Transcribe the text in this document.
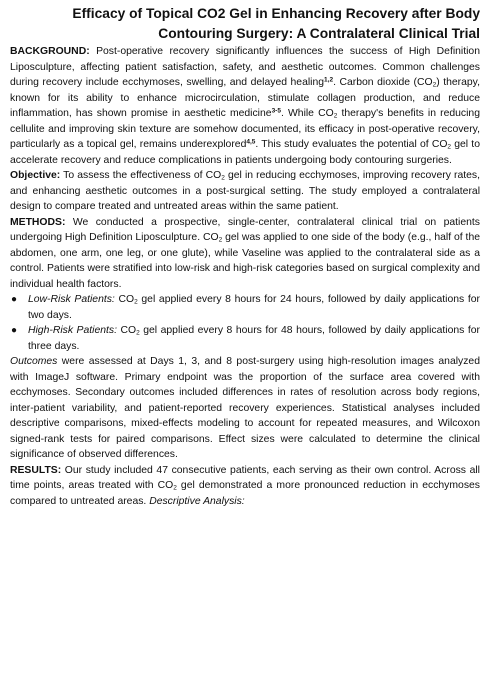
Efficacy of Topical CO2 Gel in Enhancing Recovery after Body
Contouring Surgery: A Contralateral Clinical Trial

BACKGROUND: Post-operative recovery significantly influences the success of High Definition Liposculpture, affecting patient satisfaction, safety, and aesthetic outcomes. Common challenges during recovery include ecchymoses, swelling, and delayed healing$^{1,2}$. Carbon dioxide $(CO_2)$ therapy, known for its ability to enhance microcirculation, stimulate collagen production, and reduce inflammation, has shown promise in aesthetic medicine$^{3-5}$. While $CO_2$ therapy's benefits in reducing cellulite and improving skin texture are somehow documented, its efficacy in post-operative recovery, particularly as a topical gel, remains underexplored$^{4,5}$. This study evaluates the potential of $CO_2$ gel to accelerate recovery and reduce complications in patients undergoing body contouring surgeries.

Objective: To assess the effectiveness of $CO_2$ gel in reducing ecchymoses, improving recovery rates, and enhancing aesthetic outcomes in a post-surgical setting. The study employed a contralateral design to compare treated and untreated areas within the same patient.

METHODS: We conducted a prospective, single-center, contralateral clinical trial on patients undergoing High Definition Liposculpture. $CO_2$ gel was applied to one side of the body (e.g., half of the abdomen, one arm, one leg, or one glute), while Vaseline was applied to the contralateral side as a control. Patients were stratified into low-risk and high-risk categories based on surgical complexity and individual health factors.

● Low-Risk Patients: $CO_2$ gel applied every 8 hours for 24 hours, followed by daily applications for two days.
● High-Risk Patients: $CO_2$ gel applied every 8 hours for 48 hours, followed by daily applications for three days.

Outcomes were assessed at Days 1, 3, and 8 post-surgery using high-resolution images analyzed with ImageJ software. Primary endpoint was the proportion of the surface area covered with ecchymoses. Secondary outcomes included differences in rates of resolution across body regions, inter-patient variability, and patient-reported recovery experiences. Statistical analyses included descriptive comparisons, mixed-effects modeling to account for repeated measures, and Wilcoxon signed-rank tests for paired comparisons. Effect sizes were calculated to determine the clinical significance of observed differences.

RESULTS: Our study included 47 consecutive patients, each serving as their own control. Across all time points, areas treated with $CO_2$ gel demonstrated a more pronounced reduction in ecchymoses compared to untreated areas. Descriptive Analysis:
